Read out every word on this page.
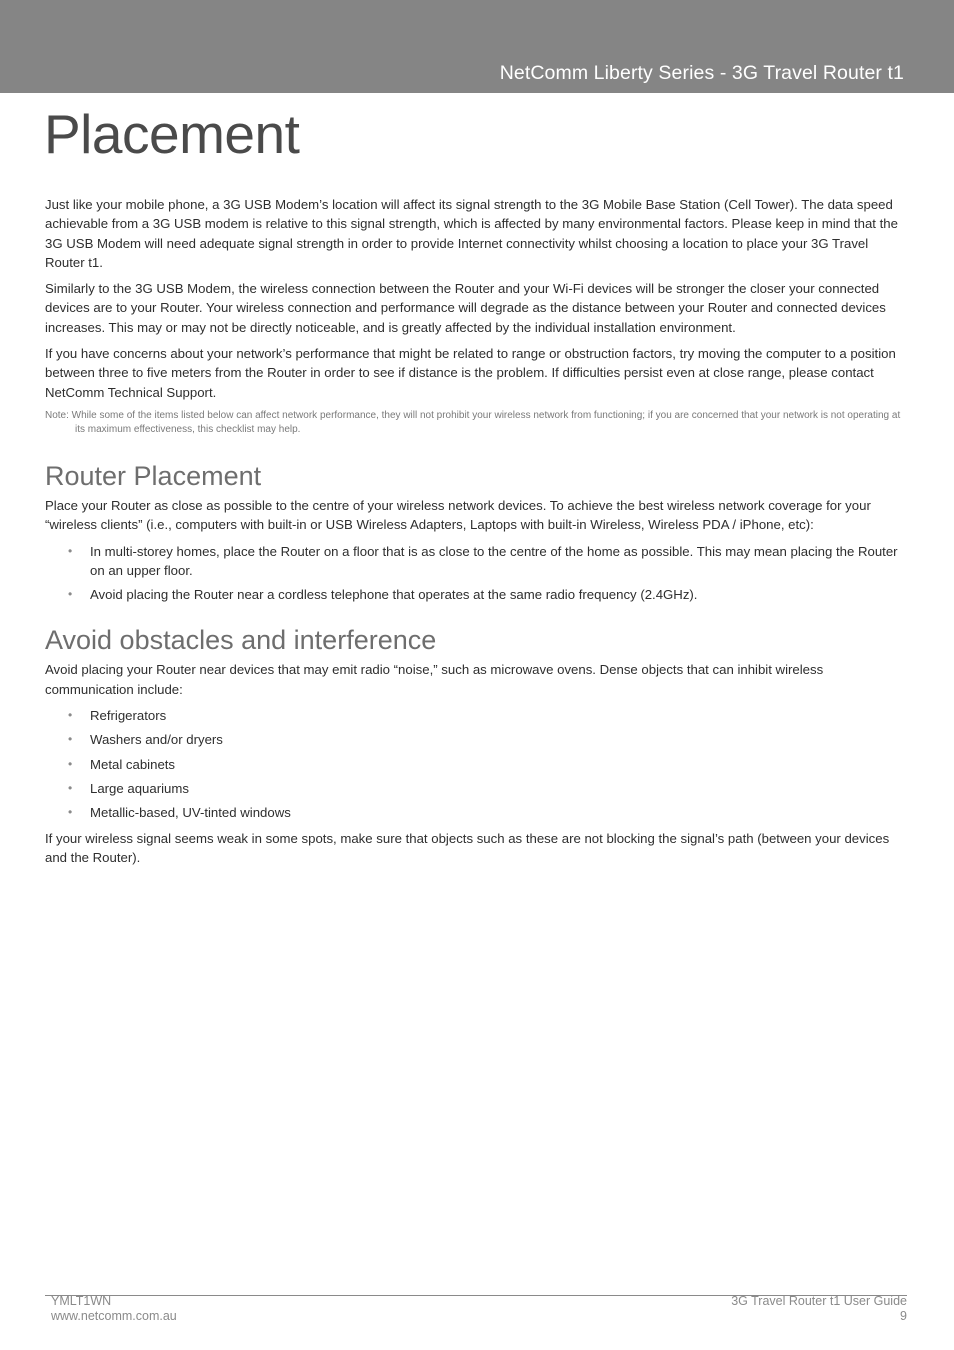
NetComm Liberty Series - 3G Travel Router t1
Placement

Just like your mobile phone, a 3G USB Modem’s location will affect its signal strength to the 3G Mobile Base Station (Cell Tower). The data speed achievable from a 3G USB modem is relative to this signal strength, which is affected by many environmental factors. Please keep in mind that the 3G USB Modem will need adequate signal strength in order to provide Internet connectivity whilst choosing a location to place your 3G Travel Router t1.

Similarly to the 3G USB Modem, the wireless connection between the Router and your Wi-Fi devices will be stronger the closer your connected devices are to your Router. Your wireless connection and performance will degrade as the distance between your Router and connected devices increases. This may or may not be directly noticeable, and is greatly affected by the individual installation environment.

If you have concerns about your network’s performance that might be related to range or obstruction factors, try moving the computer to a position between three to five meters from the Router in order to see if distance is the problem. If difficulties persist even at close range, please contact NetComm Technical Support.

Note: While some of the items listed below can affect network performance, they will not prohibit your wireless network from functioning; if you are concerned that your network is not operating at its maximum effectiveness, this checklist may help.

Router Placement

Place your Router as close as possible to the centre of your wireless network devices. To achieve the best wireless network coverage for your “wireless clients” (i.e., computers with built-in or USB Wireless Adapters, Laptops with built-in Wireless, Wireless PDA / iPhone, etc):

• In multi-storey homes, place the Router on a floor that is as close to the centre of the home as possible. This may mean placing the Router on an upper floor.
• Avoid placing the Router near a cordless telephone that operates at the same radio frequency (2.4GHz).
Avoid obstacles and interference

Avoid placing your Router near devices that may emit radio “noise,” such as microwave ovens. Dense objects that can inhibit wireless communication include:

• Refrigerators
• Washers and/or dryers
• Metal cabinets
• Large aquariums
• Metallic-based, UV-tinted windows

If your wireless signal seems weak in some spots, make sure that objects such as these are not blocking the signal’s path (between your devices and the Router).

YMLT1WN
www.netcomm.com.au
3G Travel Router t1 User Guide
9
